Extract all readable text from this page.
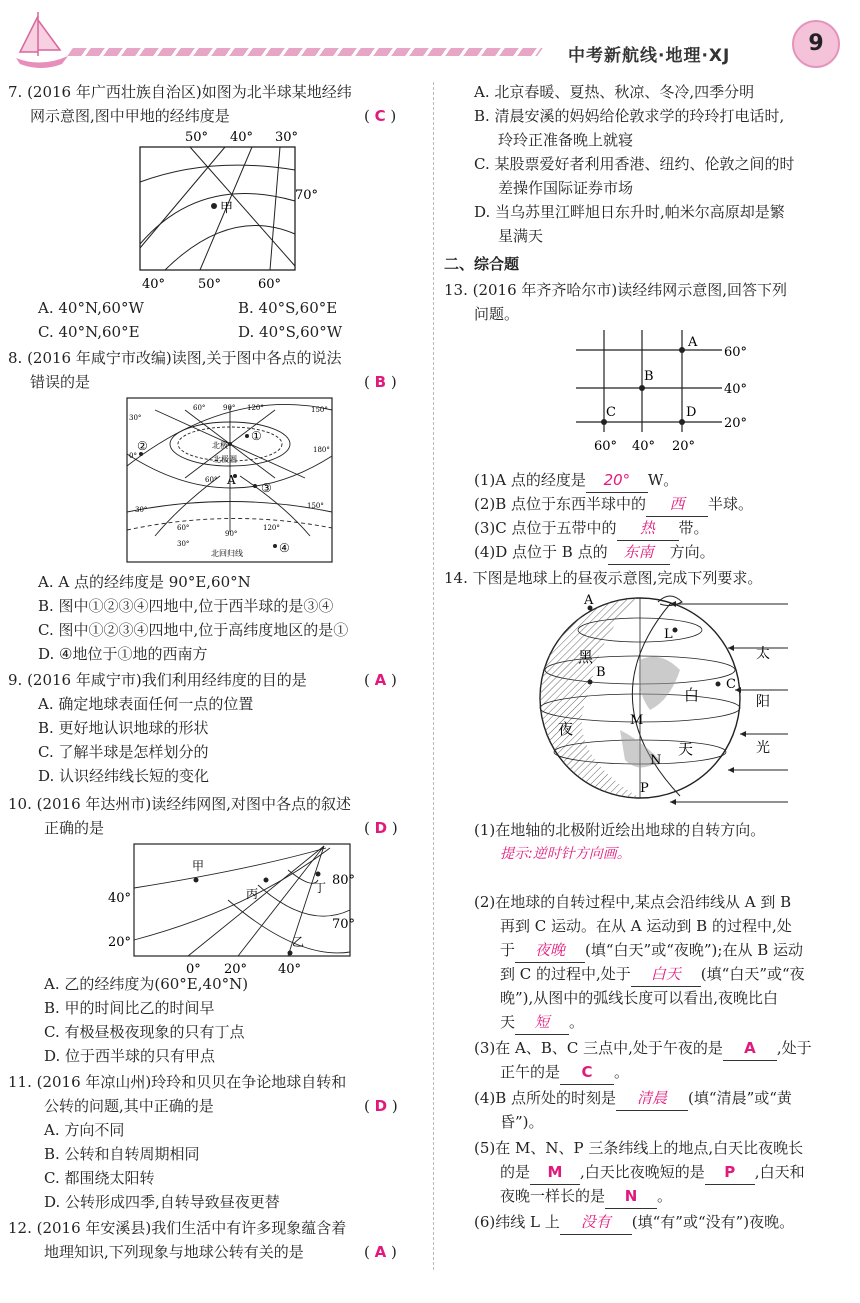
中考新航线·地理·XJ	9
7. (2016 年广西壮族自治区)如图为北半球某地经纬
网示意图,图中甲地的经纬度是	( C )
甲
50° 40° 30°
70°
40°	50°	60°
A. 40°N,60°W	B. 40°S,60°E
C. 40°N,60°E	D. 40°S,60°W
8. (2016 年咸宁市改编)读图,关于图中各点的说法
错误的是	( B )
北极
北极圈
北回归线
①
②
③
④
A
30°
60°	90° 120°	150°
0°
180°
150°
120°
90°
60°
30°
60°
30°
A. A 点的经纬度是 90°E,60°N
B. 图中①②③④四地中,位于西半球的是③④
C. 图中①②③④四地中,位于高纬度地区的是①
D. ④地位于①地的西南方
9. (2016 年咸宁市)我们利用经纬度的目的是	( A )
A. 确定地球表面任何一点的位置
B. 更好地认识地球的形状
C. 了解半球是怎样划分的
D. 认识经纬线长短的变化
10. (2016 年达州市)读经纬网图,对图中各点的叙述
正确的是	( D )
甲
丙	丁
乙
40°
20°
80°
70°
0° 20° 40°
A. 乙的经纬度为(60°E,40°N)
B. 甲的时间比乙的时间早
C. 有极昼极夜现象的只有丁点
D. 位于西半球的只有甲点
11. (2016 年凉山州)玲玲和贝贝在争论地球自转和
公转的问题,其中正确的是	( D )
A. 方向不同
B. 公转和自转周期相同
C. 都围绕太阳转
D. 公转形成四季,自转导致昼夜更替
12. (2016 年安溪县)我们生活中有许多现象蕴含着
地理知识,下列现象与地球公转有关的是	( A )
A. 北京春暖、夏热、秋凉、冬冷,四季分明
B. 清晨安溪的妈妈给伦敦求学的玲玲打电话时,
玲玲正准备晚上就寝
C. 某股票爱好者利用香港、纽约、伦敦之间的时
差操作国际证券市场
D. 当乌苏里江畔旭日东升时,帕米尔高原却是繁
星满天
二、综合题
13. (2016 年齐齐哈尔市)读经纬网示意图,回答下列
问题。
A
B
C	D
60°
40°
20°
60° 40° 20°
(1)A 点的经度是 20° W。
(2)B 点位于东西半球中的 西 半球。
(3)C 点位于五带中的 热 带。
(4)D 点位于 B 点的 东南 方向。
14. 下图是地球上的昼夜示意图,完成下列要求。
A
L
黑
B
白
C
M
夜
天
N
P
太
阳
光
(1)在地轴的北极附近绘出地球的自转方向。
提示:逆时针方向画。
(2)在地球的自转过程中,某点会沿纬线从 A 到 B
再到 C 运动。在从 A 运动到 B 的过程中,处
于 夜晚 (填“白天”或“夜晚”);在从 B 运动
到 C 的过程中,处于 白天 (填“白天”或“夜
晚”),从图中的弧线长度可以看出,夜晚比白
天 短 。
(3)在 A、B、C 三点中,处于午夜的是 A ,处于
正午的是 C 。
(4)B 点所处的时刻是 清晨 (填“清晨”或“黄
昏”)。
(5)在 M、N、P 三条纬线上的地点,白天比夜晚长
的是 M ,白天比夜晚短的是 P ,白天和
夜晚一样长的是 N 。
(6)纬线 L 上 没有 (填“有”或“没有”)夜晚。
